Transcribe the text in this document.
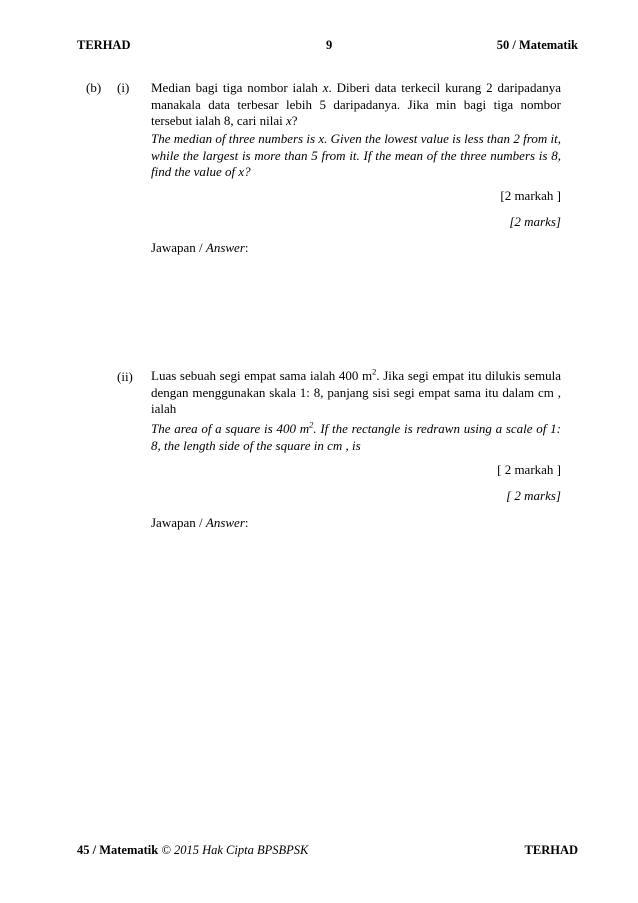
TERHAD	9	50 / Matematik
(b) (i) Median bagi tiga nombor ialah x. Diberi data terkecil kurang 2 daripadanya manakala data terbesar lebih 5 daripadanya. Jika min bagi tiga nombor tersebut ialah 8, cari nilai x?
The median of three numbers is x. Given the lowest value is less than 2 from it, while the largest is more than 5 from it. If the mean of the three numbers is 8, find the value of x?
[2 markah ]
[2 marks]
Jawapan / Answer:
(ii) Luas sebuah segi empat sama ialah 400 $m^2$. Jika segi empat itu dilukis semula dengan menggunakan skala 1: 8, panjang sisi segi empat sama itu dalam cm , ialah
The area of a square is 400 $m^2$. If the rectangle is redrawn using a scale of 1: 8, the length side of the square in cm , is
[ 2 markah ]
[ 2 marks]
Jawapan / Answer:
45 / Matematik © 2015 Hak Cipta BPSBPSK	TERHAD
